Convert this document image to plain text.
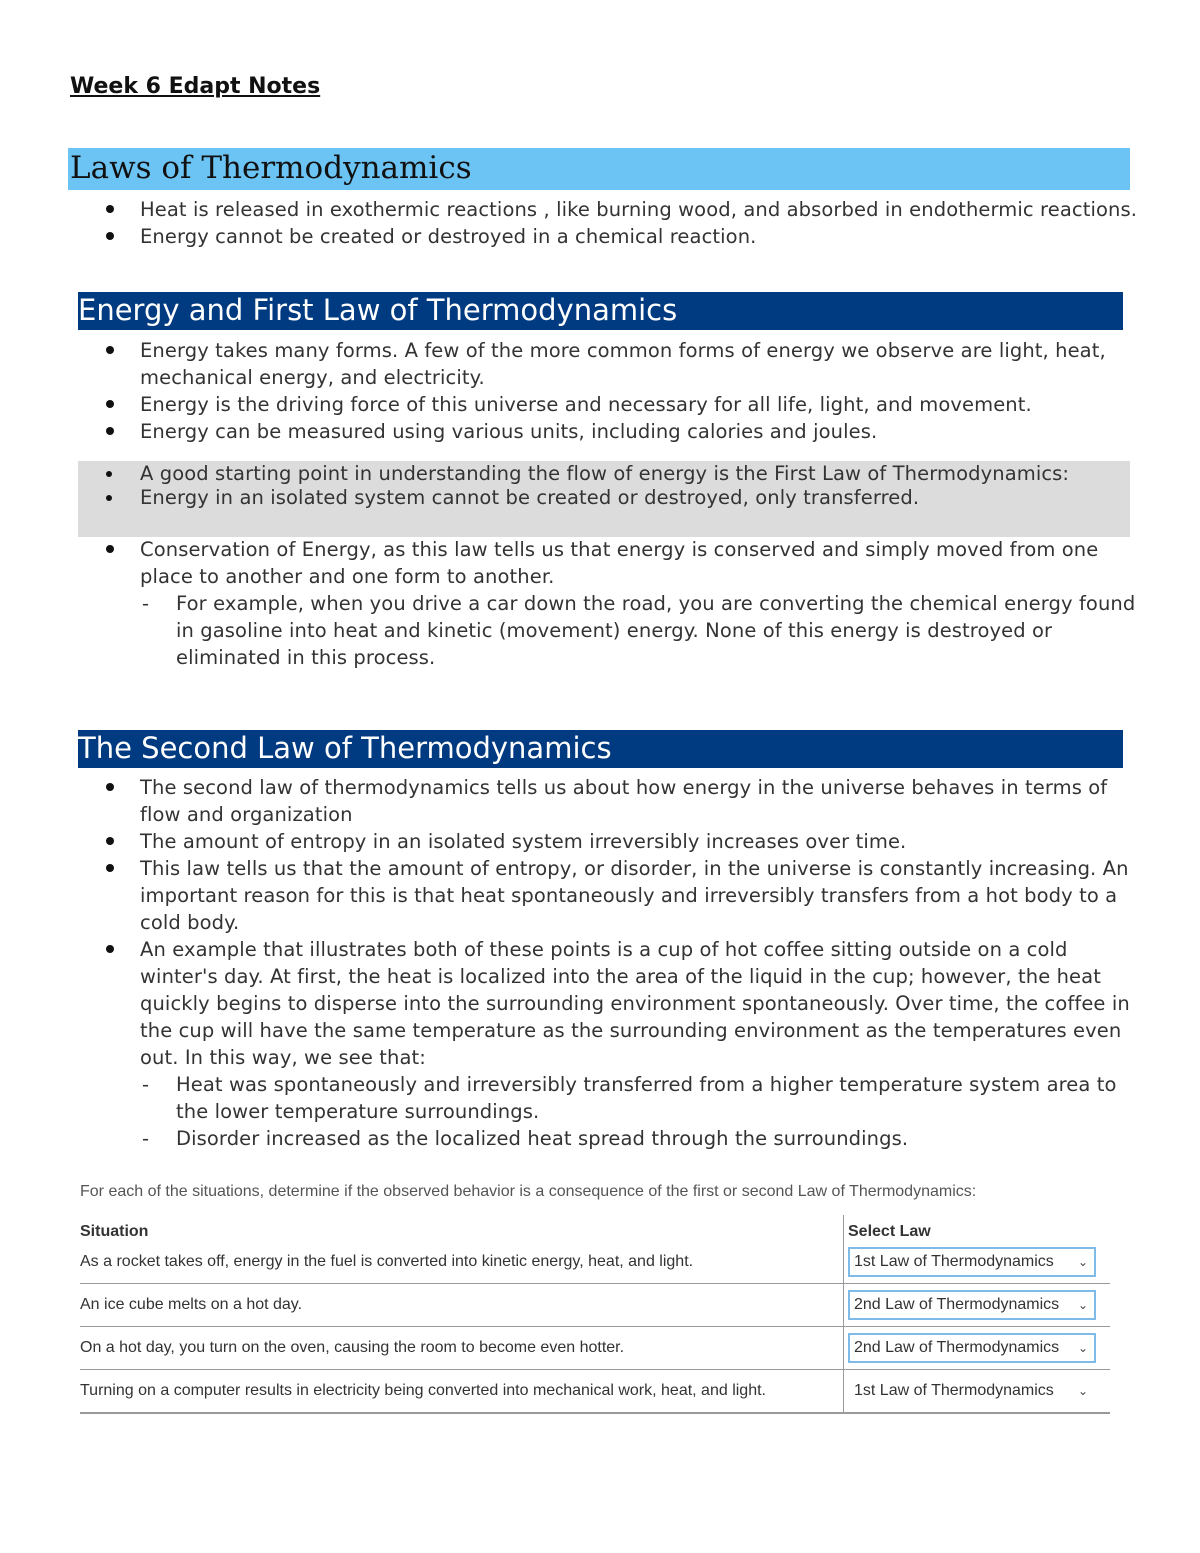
Week 6 Edapt Notes
Laws of Thermodynamics
Heat is released in exothermic reactions , like burning wood, and absorbed in endothermic reactions.
Energy cannot be created or destroyed in a chemical reaction.
Energy and First Law of Thermodynamics
Energy takes many forms. A few of the more common forms of energy we observe are light, heat, mechanical energy, and electricity.
Energy is the driving force of this universe and necessary for all life, light, and movement.
Energy can be measured using various units, including calories and joules.
A good starting point in understanding the flow of energy is the First Law of Thermodynamics:
Energy in an isolated system cannot be created or destroyed, only transferred.
Conservation of Energy, as this law tells us that energy is conserved and simply moved from one place to another and one form to another.
- For example, when you drive a car down the road, you are converting the chemical energy found in gasoline into heat and kinetic (movement) energy. None of this energy is destroyed or eliminated in this process.
The Second Law of Thermodynamics
The second law of thermodynamics tells us about how energy in the universe behaves in terms of flow and organization
The amount of entropy in an isolated system irreversibly increases over time.
This law tells us that the amount of entropy, or disorder, in the universe is constantly increasing. An important reason for this is that heat spontaneously and irreversibly transfers from a hot body to a cold body.
An example that illustrates both of these points is a cup of hot coffee sitting outside on a cold winter's day. At first, the heat is localized into the area of the liquid in the cup; however, the heat quickly begins to disperse into the surrounding environment spontaneously. Over time, the coffee in the cup will have the same temperature as the surrounding environment as the temperatures even out. In this way, we see that:
- Heat was spontaneously and irreversibly transferred from a higher temperature system area to the lower temperature surroundings.
- Disorder increased as the localized heat spread through the surroundings.
For each of the situations, determine if the observed behavior is a consequence of the first or second Law of Thermodynamics:
Situation	Select Law
As a rocket takes off, energy in the fuel is converted into kinetic energy, heat, and light.	1st Law of Thermodynamics ⌄

An ice cube melts on a hot day.	2nd Law of Thermodynamics ⌄

On a hot day, you turn on the oven, causing the room to become even hotter.	2nd Law of Thermodynamics ⌄

Turning on a computer results in electricity being converted into mechanical work, heat, and light.	1st Law of Thermodynamics ⌄
